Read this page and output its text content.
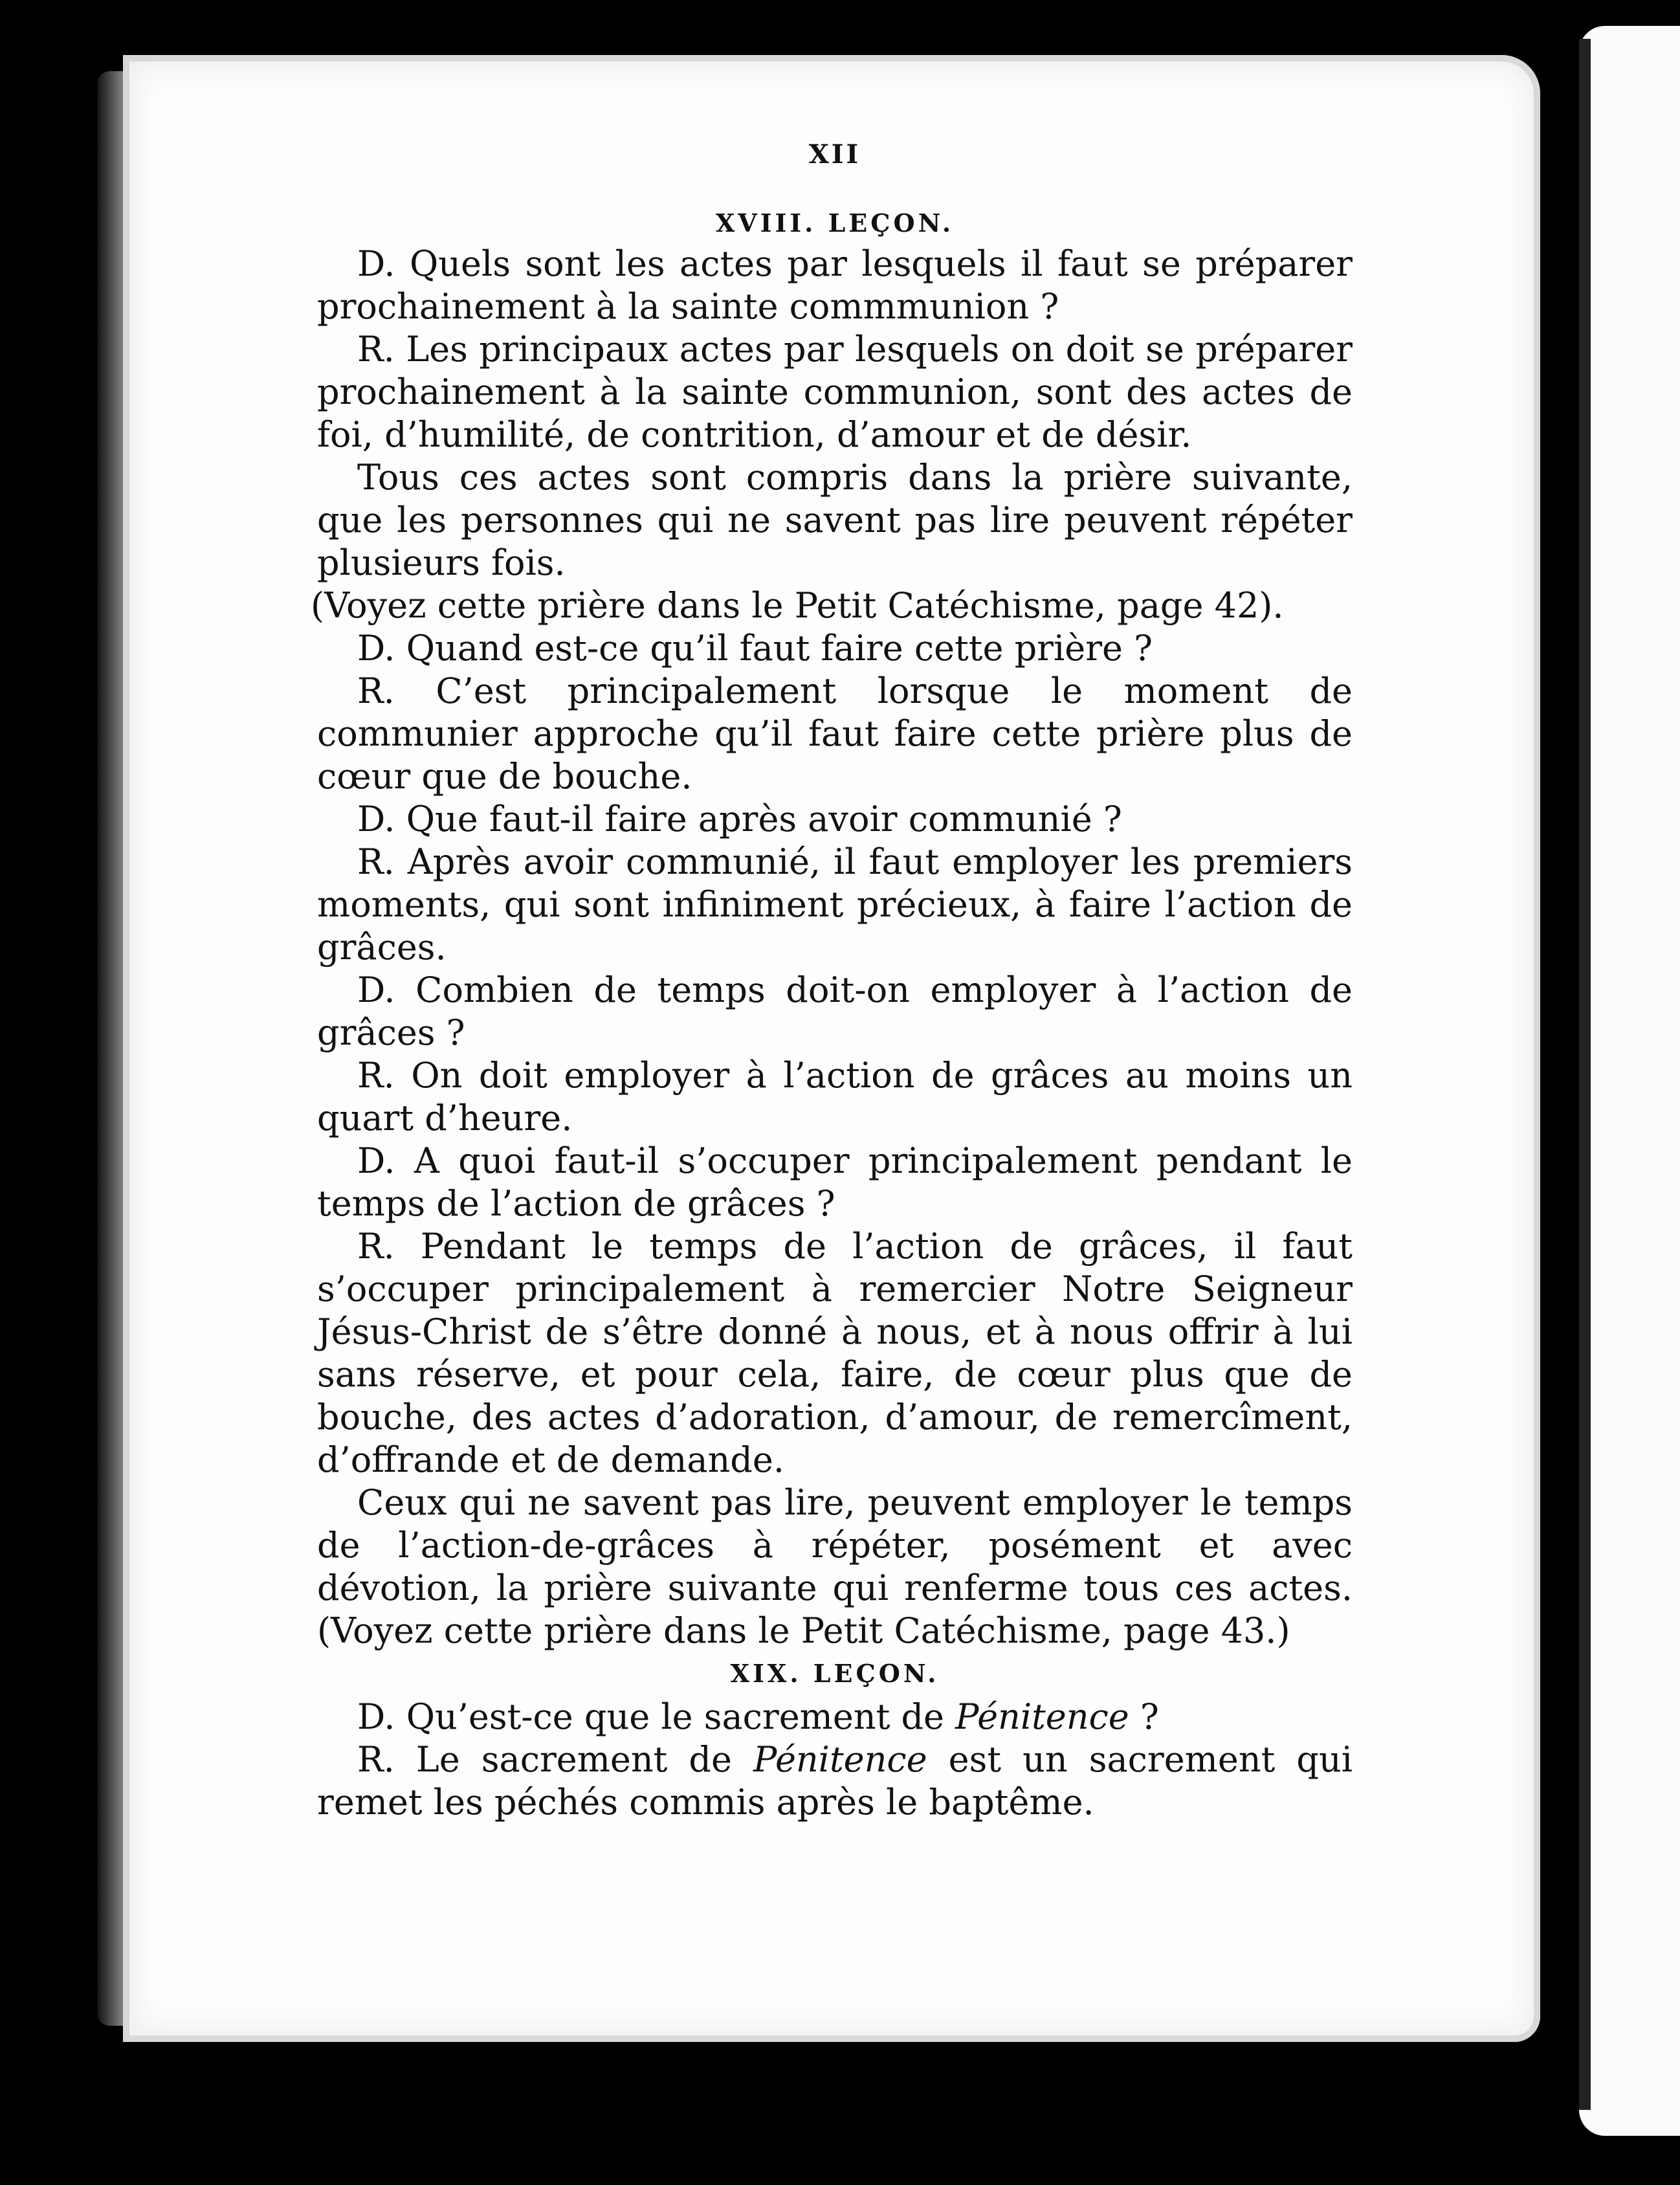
XII
XVIII. LEÇON.

D. Quels sont les actes par lesquels il faut se préparer prochainement à la sainte commmunion ?

R. Les principaux actes par lesquels on doit se préparer prochainement à la sainte communion, sont des actes de foi, d’humilité, de contrition, d’amour et de désir.

Tous ces actes sont compris dans la prière suivante, que les personnes qui ne savent pas lire peuvent répéter plusieurs fois.

(Voyez cette prière dans le Petit Catéchisme, page 42).

D. Quand est-ce qu’il faut faire cette prière ?

R. C’est principalement lorsque le moment de communier approche qu’il faut faire cette prière plus de cœur que de bouche.

D. Que faut-il faire après avoir communié ?

R. Après avoir communié, il faut employer les premiers moments, qui sont infiniment précieux, à faire l’action de grâces.

D. Combien de temps doit-on employer à l’action de grâces ?

R. On doit employer à l’action de grâces au moins un quart d’heure.

D. A quoi faut-il s’occuper principalement pendant le temps de l’action de grâces ?

R. Pendant le temps de l’action de grâces, il faut s’occuper principalement à remercier Notre Seigneur Jésus-Christ de s’être donné à nous, et à nous offrir à lui sans réserve, et pour cela, faire, de cœur plus que de bouche, des actes d’adoration, d’amour, de remercîment, d’offrande et de demande.

Ceux qui ne savent pas lire, peuvent employer le temps de l’action-de-grâces à répéter, posément et avec dévotion, la prière suivante qui renferme tous ces actes. (Voyez cette prière dans le Petit Catéchisme, page 43.)

XIX. LEÇON.

D. Qu’est-ce que le sacrement de Pénitence ?

R. Le sacrement de Pénitence est un sacrement qui remet les péchés commis après le baptême.
